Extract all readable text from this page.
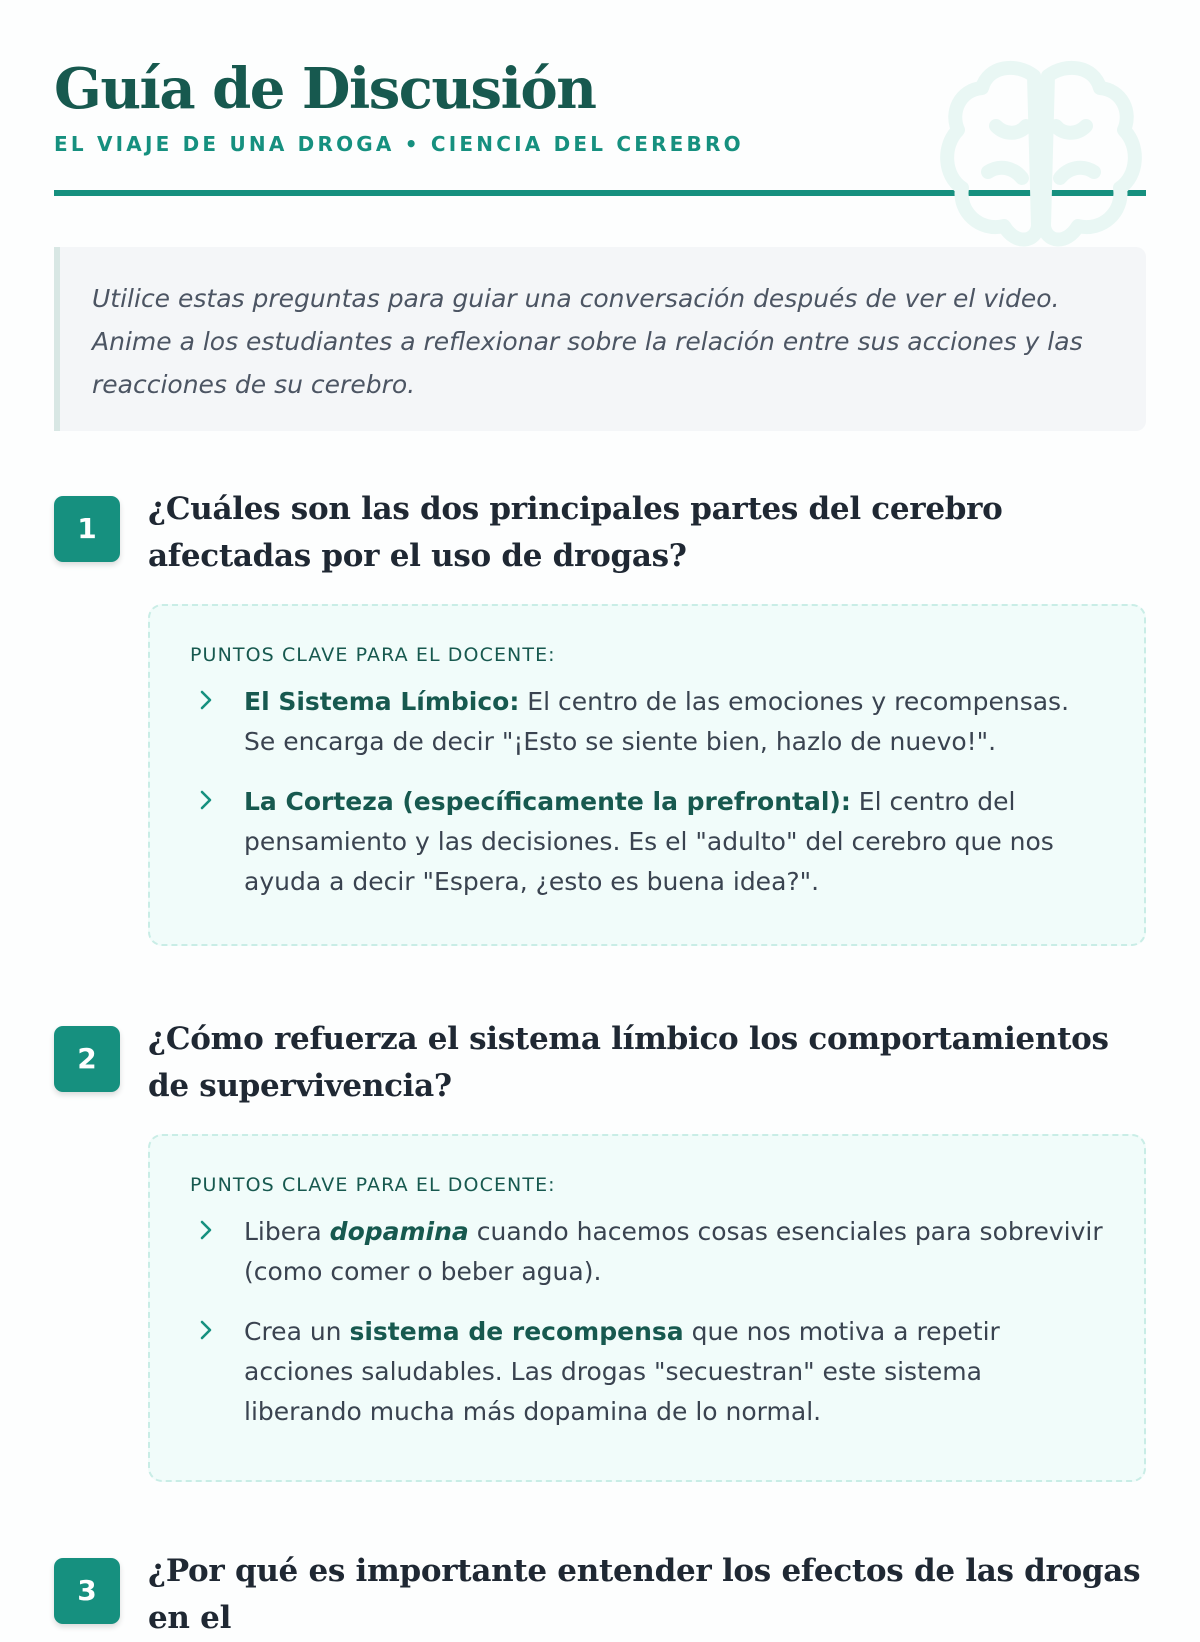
Guía de Discusión
EL VIAJE DE UNA DROGA • CIENCIA DEL CEREBRO
Utilice estas preguntas para guiar una conversación después de ver el video. Anime a los estudiantes a reflexionar sobre la relación entre sus acciones y las reacciones de su cerebro.
1
¿Cuáles son las dos principales partes del cerebro afectadas por el uso de drogas?
PUNTOS CLAVE PARA EL DOCENTE:
El Sistema Límbico: El centro de las emociones y recompensas. Se encarga de decir "¡Esto se siente bien, hazlo de nuevo!".
La Corteza (específicamente la prefrontal): El centro del pensamiento y las decisiones. Es el "adulto" del cerebro que nos ayuda a decir "Espera, ¿esto es buena idea?".
2
¿Cómo refuerza el sistema límbico los comportamientos de supervivencia?
PUNTOS CLAVE PARA EL DOCENTE:
Libera dopamina cuando hacemos cosas esenciales para sobrevivir (como comer o beber agua).
Crea un sistema de recompensa que nos motiva a repetir acciones saludables. Las drogas "secuestran" este sistema liberando mucha más dopamina de lo normal.
3
¿Por qué es importante entender los efectos de las drogas en el
